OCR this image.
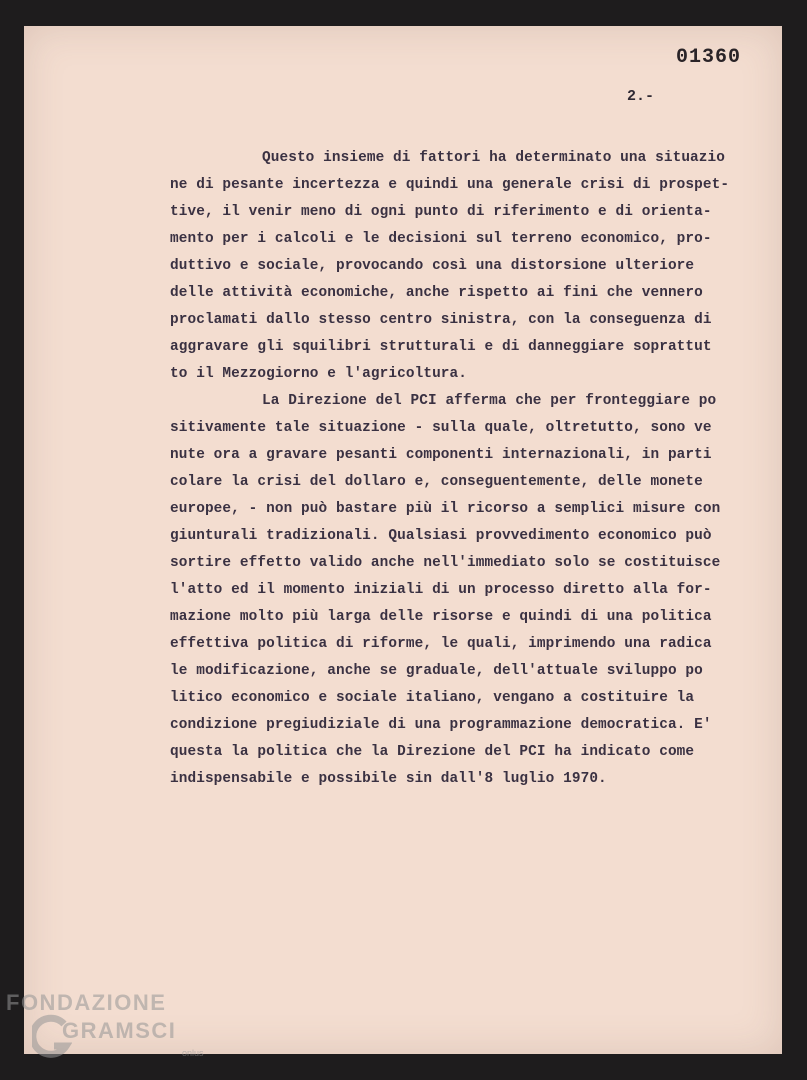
01360
2.-
Questo insieme di fattori ha determinato una situazio
ne di pesante incertezza e quindi una generale crisi di prospet-
tive, il venir meno di ogni punto di riferimento e di orientа-
mento per i calcoli e le decisioni sul terreno economico, pro-
duttivo e sociale, provocando così una distorsione ulteriore
delle attività economiche, anche rispetto ai fini che vennero
proclamati dallo stesso centro sinistra, con la conseguenza di
aggravare gli squilibri strutturali e di danneggiare soprattut
to il Mezzogiorno e l'agricoltura.
La Direzione del PCI afferma che per fronteggiare po
sitivamente tale situazione - sulla quale, oltretutto, sono ve
nute ora a gravare pesanti componenti internazionali, in parti
colare la crisi del dollaro e, conseguentemente, delle monete
europee, - non può bastare più il ricorso a semplici misure con
giunturali tradizionali. Qualsiasi provvedimento economico può
sortire effetto valido anche nell'immediato solo se costituisce
l'atto ed il momento iniziali di un processo diretto alla for-
mazione molto più larga delle risorse e quindi di una politica
effettiva politica di riforme, le quali, imprimendo una radica
le modificazione, anche se graduale, dell'attuale sviluppo po
litico economico e sociale italiano, vengano a costituire la
condizione pregiudiziale di una programmazione democratica. E'
questa la politica che la Direzione del PCI ha indicato come
indispensabile e possibile sin dall'8 luglio 1970.
FONDAZIONE
GRAMSCI
onlus
